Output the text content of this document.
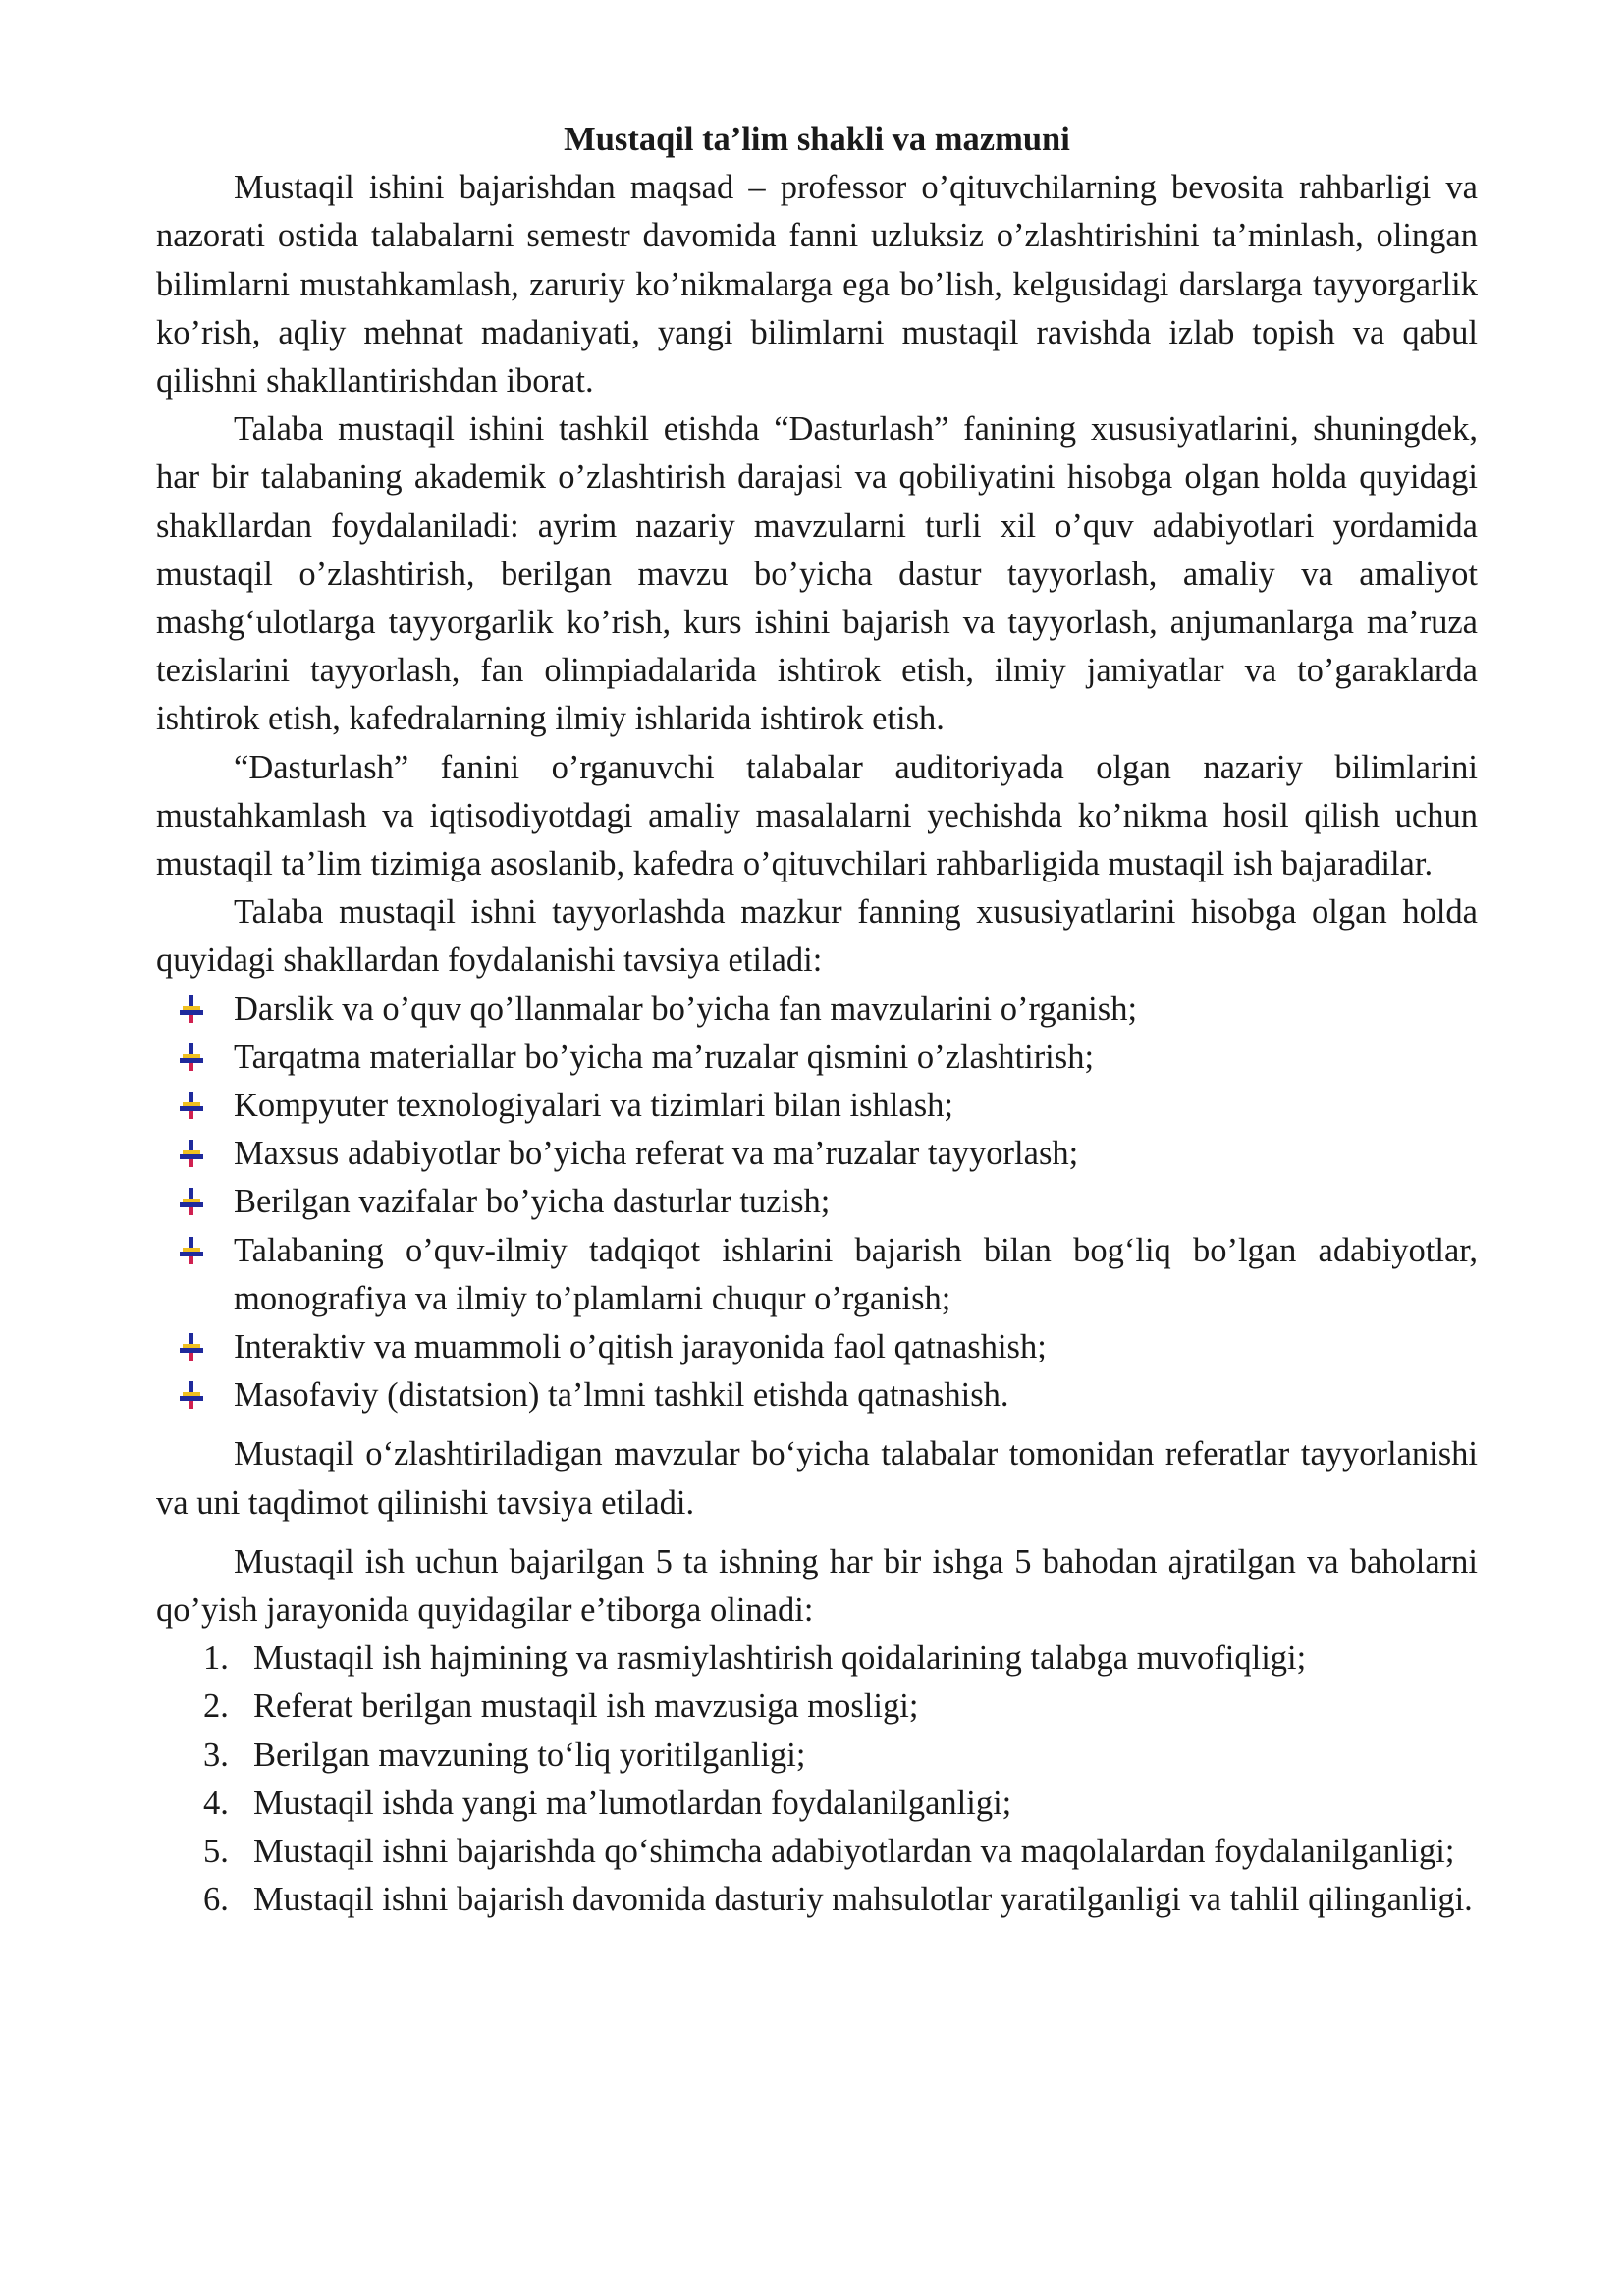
Mustaqil ta’lim shakli va mazmuni

Mustaqil ishini bajarishdan maqsad – professor o’qituvchilarning bevosita rahbarligi va nazorati ostida talabalarni semestr davomida fanni uzluksiz o’zlashtirishini ta’minlash, olingan bilimlarni mustahkamlash, zaruriy ko’nikmalarga ega bo’lish, kelgusidagi darslarga tayyorgarlik ko’rish, aqliy mehnat madaniyati, yangi bilimlarni mustaqil ravishda izlab topish va qabul qilishni shakllantirishdan iborat.

Talaba mustaqil ishini tashkil etishda “Dasturlash” fanining xususiyatlarini, shuningdek, har bir talabaning akademik o’zlashtirish darajasi va qobiliyatini hisobga olgan holda quyidagi shakllardan foydalaniladi: ayrim nazariy mavzularni turli xil o’quv adabiyotlari yordamida mustaqil o’zlashtirish, berilgan mavzu bo’yicha dastur tayyorlash, amaliy va amaliyot mashg‘ulotlarga tayyorgarlik ko’rish, kurs ishini bajarish va tayyorlash, anjumanlarga ma’ruza tezislarini tayyorlash, fan olimpiadalarida ishtirok etish, ilmiy jamiyatlar va to’garaklarda ishtirok etish, kafedralarning ilmiy ishlarida ishtirok etish.

“Dasturlash” fanini o’rganuvchi talabalar auditoriyada olgan nazariy bilimlarini mustahkamlash va iqtisodiyotdagi amaliy masalalarni yechishda ko’nikma hosil qilish uchun mustaqil ta’lim tizimiga asoslanib, kafedra o’qituvchilari rahbarligida mustaqil ish bajaradilar.

Talaba mustaqil ishni tayyorlashda mazkur fanning xususiyatlarini hisobga olgan holda quyidagi shakllardan foydalanishi tavsiya etiladi:

Darslik va o’quv qo’llanmalar bo’yicha fan mavzularini o’rganish;
Tarqatma materiallar bo’yicha ma’ruzalar qismini o’zlashtirish;
Kompyuter texnologiyalari va tizimlari bilan ishlash;
Maxsus adabiyotlar bo’yicha referat va ma’ruzalar tayyorlash;
Berilgan vazifalar bo’yicha dasturlar tuzish;
Talabaning o’quv-ilmiy tadqiqot ishlarini bajarish bilan bog‘liq bo’lgan adabiyotlar, monografiya va ilmiy to’plamlarni chuqur o’rganish;
Interaktiv va muammoli o’qitish jarayonida faol qatnashish;
Masofaviy (distatsion) ta’lmni tashkil etishda qatnashish.

Mustaqil o‘zlashtiriladigan mavzular bo‘yicha talabalar tomonidan referatlar tayyorlanishi va uni taqdimot qilinishi tavsiya etiladi.

Mustaqil ish uchun bajarilgan 5 ta ishning har bir ishga 5 bahodan ajratilgan va baholarni qo’yish jarayonida quyidagilar e’tiborga olinadi:

1. Mustaqil ish hajmining va rasmiylashtirish qoidalarining talabga muvofiqligi;
2. Referat berilgan mustaqil ish mavzusiga mosligi;
3. Berilgan mavzuning to‘liq yoritilganligi;
4. Mustaqil ishda yangi ma’lumotlardan foydalanilganligi;
5. Mustaqil ishni bajarishda qo‘shimcha adabiyotlardan va maqolalardan foydalanilganligi;
6. Mustaqil ishni bajarish davomida dasturiy mahsulotlar yaratilganligi va tahlil qilinganligi.
